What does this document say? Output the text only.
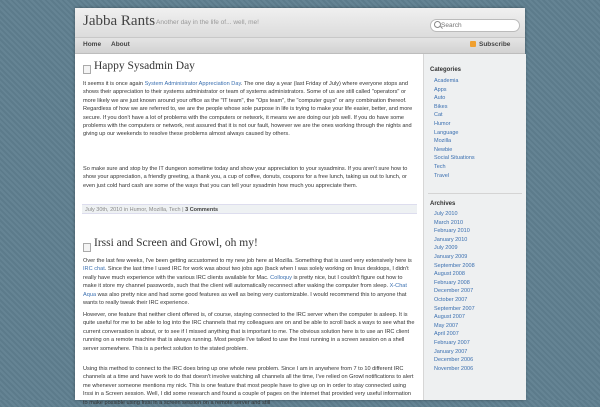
Jabba Rants Another day in the life of... well, me!
Search
Home About	Subscribe
Happy Sysadmin Day

It seems it is once again System Administrator Appreciation Day. The one day a year (last Friday of July) where everyone stops and shows their appreciation to their systems administrator or team of systems administrators. Some of us are still called "operators" or more likely we are just known around your office as the "IT team", the "Ops team", the "computer guys" or any combination thereof. Regardless of how we are referred to, we are the people whose sole purpose in life is trying to make your life easier, better, and more secure. If you don't have a lot of problems with the computers or network, it means we are doing our job well. If you do have some problems with the computers or network, rest assured that it is not our fault, however we are the ones working through the nights and giving up our weekends to resolve these problems almost always caused by others.

So make sure and stop by the IT dungeon sometime today and show your appreciation to your sysadmins. If you aren't sure how to show your appreciation, a friendly greeting, a thank you, a cup of coffee, donuts, coupons for a free lunch, taking us out to lunch, or even just cold hard cash are some of the ways that you can tell your sysadmin how much you appreciate them.

July 30th, 2010 in Humor, Mozilla, Tech | 3 Comments
Irssi and Screen and Growl, oh my!

Over the last few weeks, I've been getting accustomed to my new job here at Mozilla. Something that is used very extensively here is IRC chat. Since the last time I used IRC for work was about two jobs ago (back when I was solely working on linux desktops, I didn't really have much experience with the various IRC clients available for Mac. Colloquy is pretty nice, but I couldn't figure out how to make it store my channel passwords, such that the client will automatically reconnect after waking the computer from sleep. X-Chat Aqua was also pretty nice and had some good features as well as being very customizable. I would recommend this to anyone that wants to really tweak their IRC experience.

However, one feature that neither client offered is, of course, staying connected to the IRC server when the computer is asleep. It is quite useful for me to be able to log into the IRC channels that my colleagues are on and be able to scroll back a ways to see what the current conversation is about, or to see if I missed anything that is important to me. The obvious solution here is to use an IRC client running on a remote machine that is always running. Most people I've talked to use the Irssi running in a screen session on a shell server somewhere. This is a perfect solution to the stated problem.

Using this method to connect to the IRC does bring up one whole new problem. Since I am in anywhere from 7 to 10 different IRC channels at a time and have work to do that doesn't involve watching all channels all the time, I've relied on Growl notifications to alert me whenever someone mentions my nick. This is one feature that most people have to give up on in order to stay connected using Irssi in a Screen session. Well, I did some research and found a couple of pages on the internet that provided very useful information to make possible using Irssi in a screen session on a remote server and still

Categories
Academia
Apps
Auto
Bikes
Cat
Humor
Language
Mozilla
Newbie
Social Situations
Tech
Travel
Archives
July 2010
March 2010
February 2010
January 2010
July 2009
January 2009
September 2008
August 2008
February 2008
December 2007
October 2007
September 2007
August 2007
May 2007
April 2007
February 2007
January 2007
December 2006
November 2006
